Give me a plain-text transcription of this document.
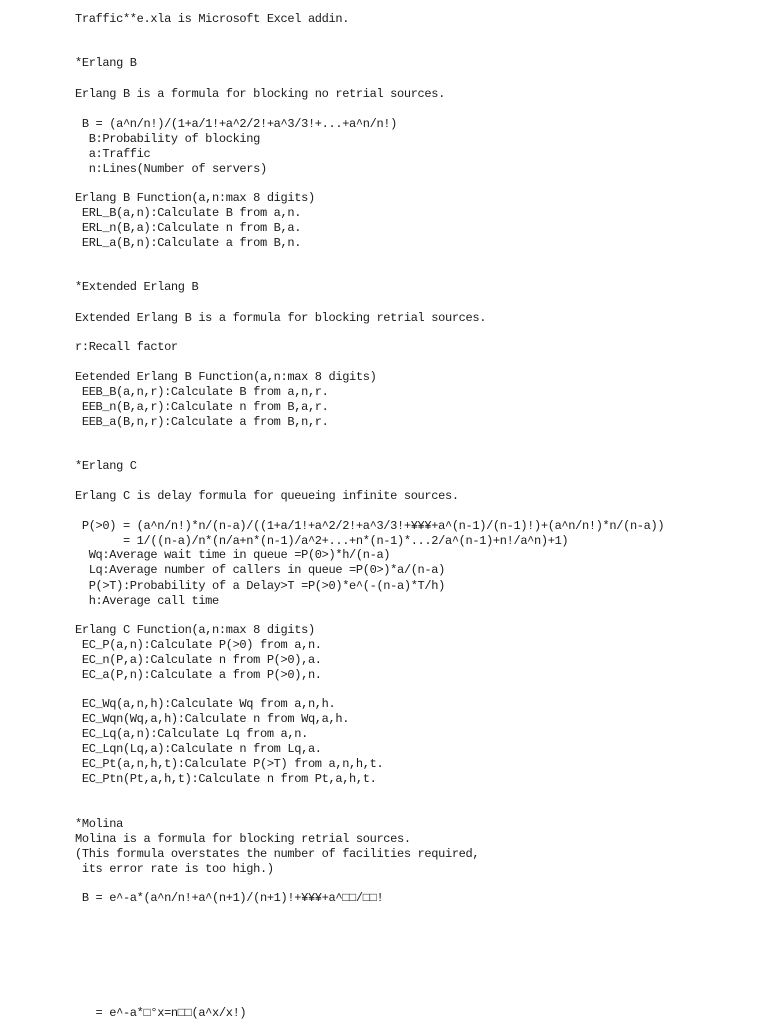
Traffic**e.xla is Microsoft Excel addin.
*Erlang B
Erlang B is a formula for blocking no retrial sources.
B = (a^n/n!)/(1+a/1!+a^2/2!+a^3/3!+...+a^n/n!)
B:Probability of blocking
a:Traffic
n:Lines(Number of servers)
Erlang B Function(a,n:max 8 digits)
ERL_B(a,n):Calculate B from a,n.
ERL_n(B,a):Calculate n from B,a.
ERL_a(B,n):Calculate a from B,n.
*Extended Erlang B
Extended Erlang B is a formula for blocking retrial sources.
r:Recall factor
Eetended Erlang B Function(a,n:max 8 digits)
EEB_B(a,n,r):Calculate B from a,n,r.
EEB_n(B,a,r):Calculate n from B,a,r.
EEB_a(B,n,r):Calculate a from B,n,r.
*Erlang C
Erlang C is delay formula for queueing infinite sources.
P(>0) = (a^n/n!)*n/(n-a)/((1+a/1!+a^2/2!+a^3/3!+¥¥¥+a^(n-1)/(n-1)!)+(a^n/n!)*n/(n-a))
= 1/((n-a)/n*(n/a+n*(n-1)/a^2+...+n*(n-1)*...2/a^(n-1)+n!/a^n)+1)
Wq:Average wait time in queue =P(0>)*h/(n-a)
Lq:Average number of callers in queue =P(0>)*a/(n-a)
P(>T):Probability of a Delay>T =P(>0)*e^(-(n-a)*T/h)
h:Average call time
Erlang C Function(a,n:max 8 digits)
EC_P(a,n):Calculate P(>0) from a,n.
EC_n(P,a):Calculate n from P(>0),a.
EC_a(P,n):Calculate a from P(>0),n.
EC_Wq(a,n,h):Calculate Wq from a,n,h.
EC_Wqn(Wq,a,h):Calculate n from Wq,a,h.
EC_Lq(a,n):Calculate Lq from a,n.
EC_Lqn(Lq,a):Calculate n from Lq,a.
EC_Pt(a,n,h,t):Calculate P(>T) from a,n,h,t.
EC_Ptn(Pt,a,h,t):Calculate n from Pt,a,h,t.
*Molina
Molina is a formula for blocking retrial sources.
(This formula overstates the number of facilities required,
its error rate is too high.)
B = e^-a*(a^n/n!+a^(n+1)/(n+1)!+¥¥¥+a^□□/□□!
= e^-a*□°x=n□□(a^x/x!)
